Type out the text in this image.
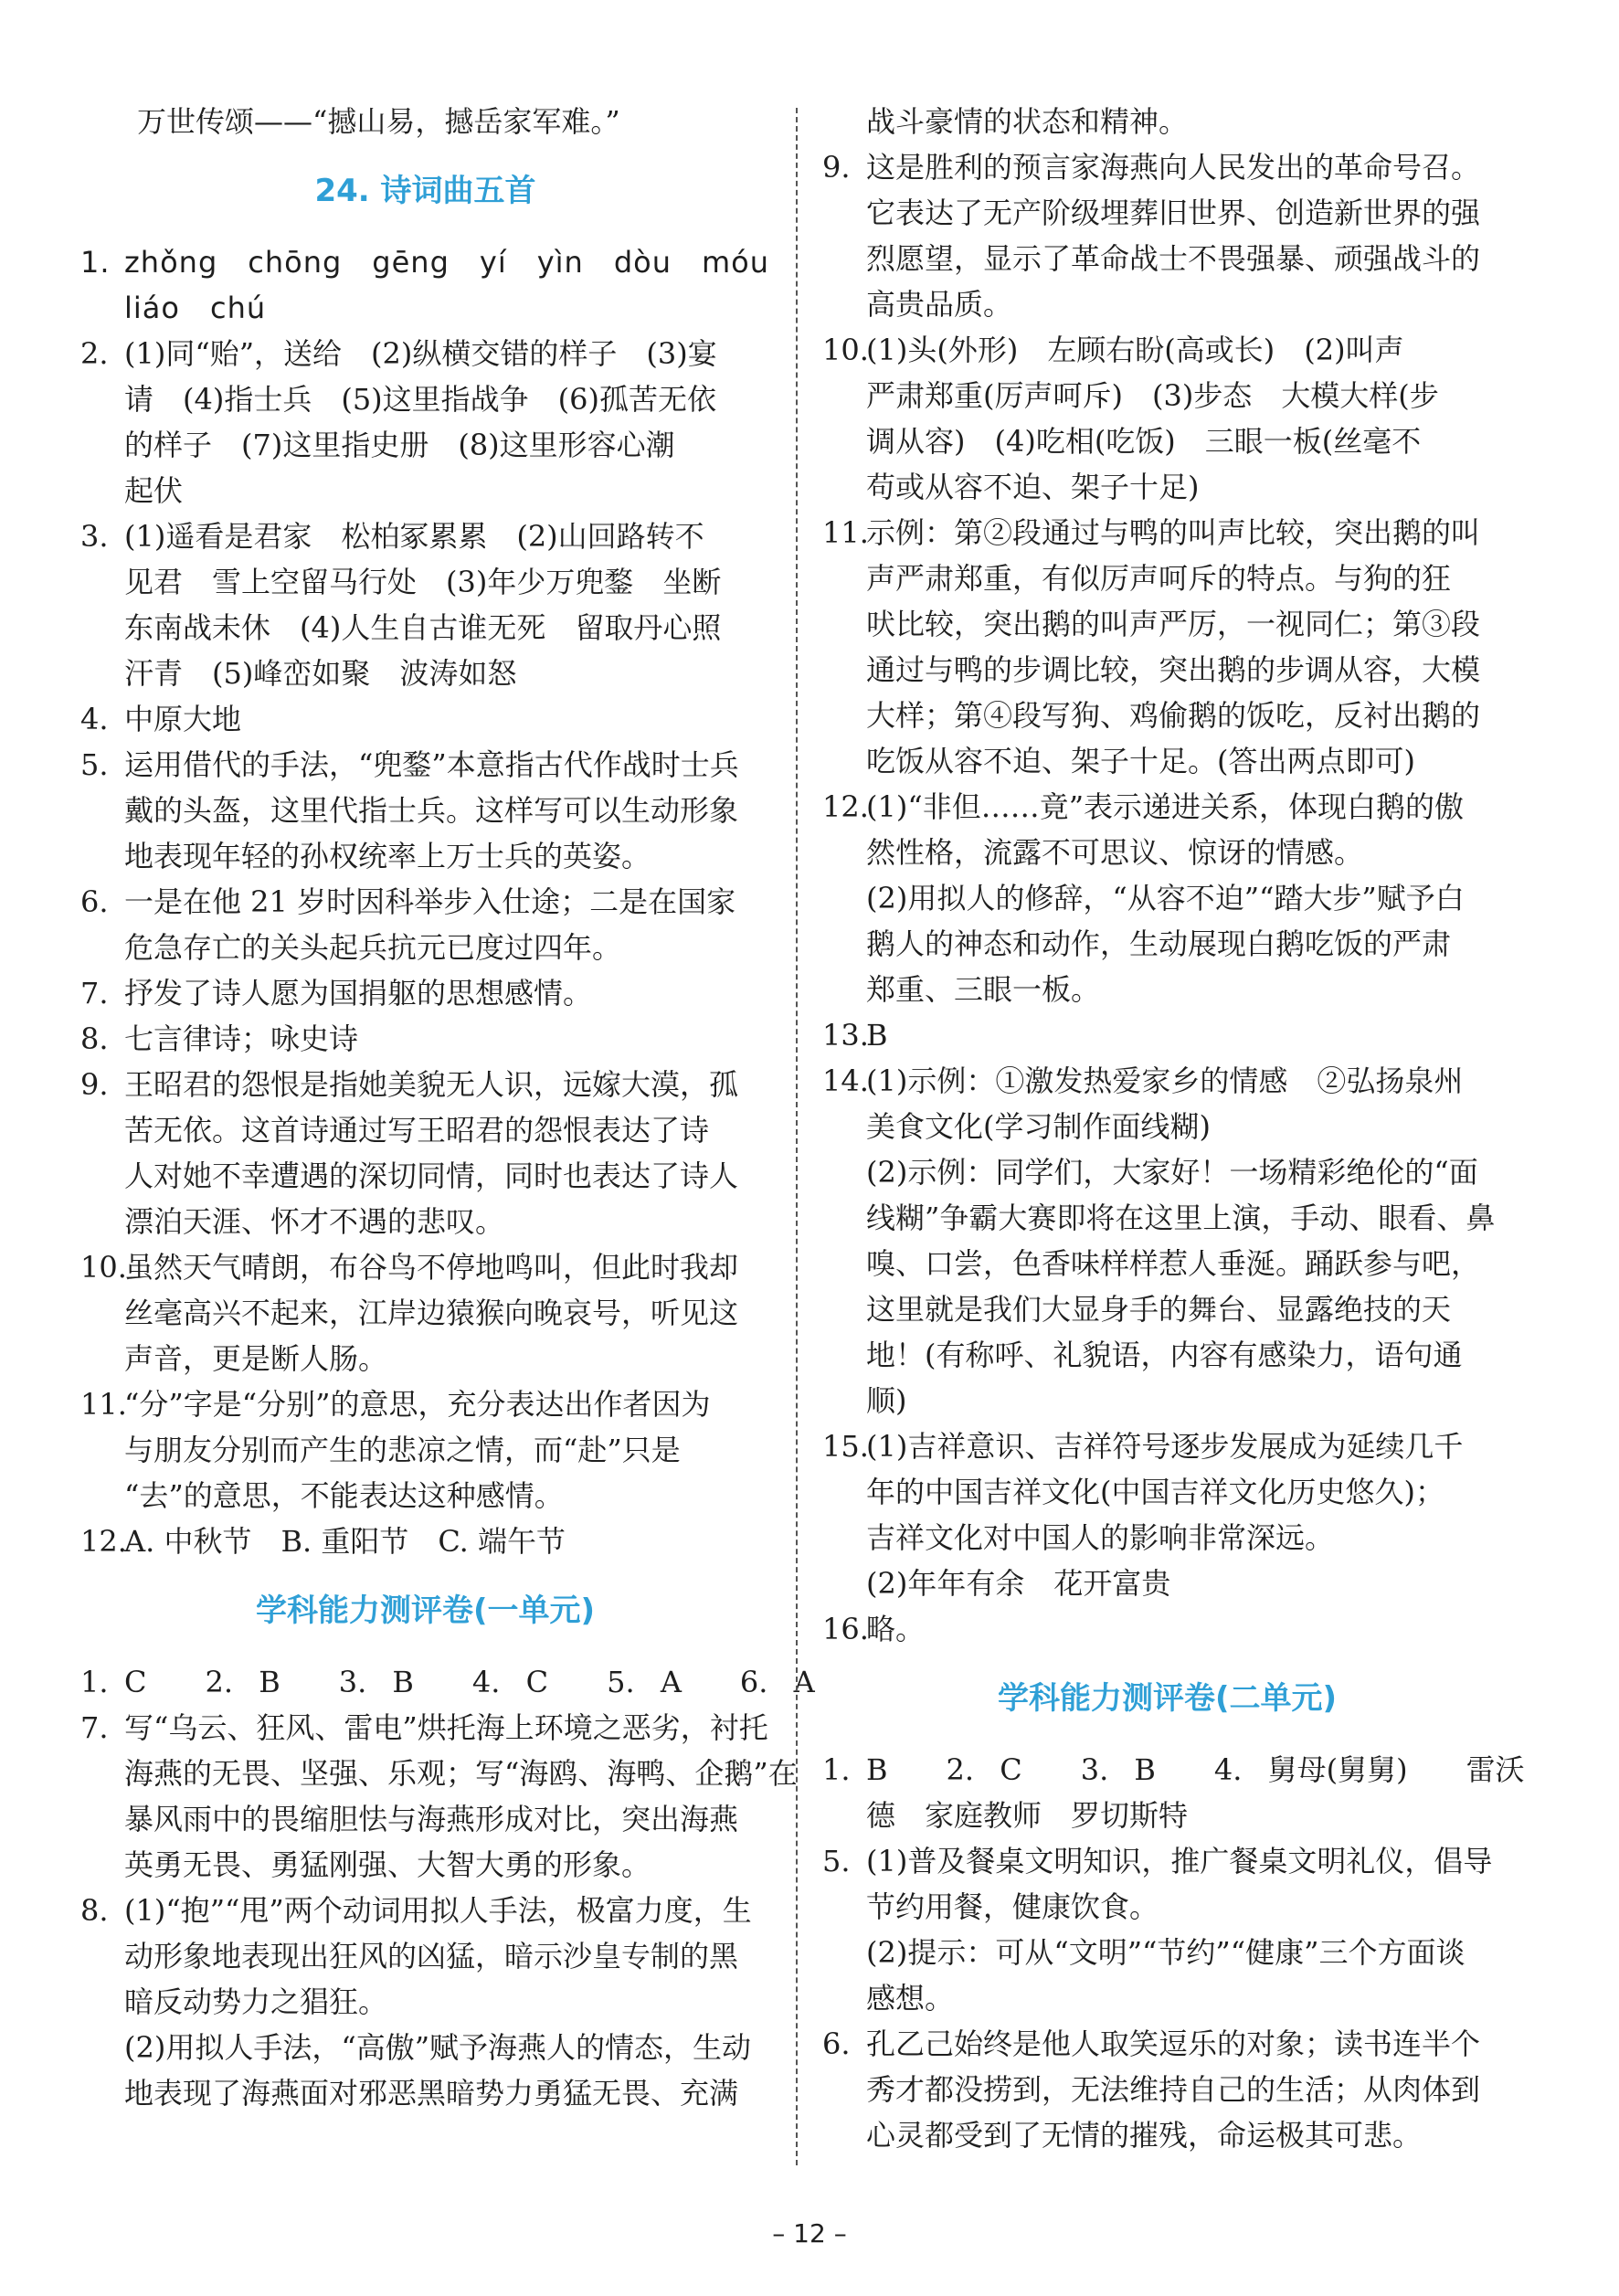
万世传颂——“撼山易，撼岳家军难。”
24. 诗词曲五首
1. zhǒng　chōng　gēng　yí　yìn　dòu　móu
liáo　chú
2. (1)同“贻”，送给　(2)纵横交错的样子　(3)宴
请　(4)指士兵　(5)这里指战争　(6)孤苦无依
的样子　(7)这里指史册　(8)这里形容心潮
起伏
3. (1)遥看是君家　松柏冢累累　(2)山回路转不
见君　雪上空留马行处　(3)年少万兜鍪　坐断
东南战未休　(4)人生自古谁无死　留取丹心照
汗青　(5)峰峦如聚　波涛如怒
4. 中原大地
5. 运用借代的手法，“兜鍪”本意指古代作战时士兵
戴的头盔，这里代指士兵。这样写可以生动形象
地表现年轻的孙权统率上万士兵的英姿。
6. 一是在他 21 岁时因科举步入仕途；二是在国家
危急存亡的关头起兵抗元已度过四年。
7. 抒发了诗人愿为国捐躯的思想感情。
8. 七言律诗；咏史诗
9. 王昭君的怨恨是指她美貌无人识，远嫁大漠，孤
苦无依。这首诗通过写王昭君的怨恨表达了诗
人对她不幸遭遇的深切同情，同时也表达了诗人
漂泊天涯、怀才不遇的悲叹。
10.虽然天气晴朗，布谷鸟不停地鸣叫，但此时我却
丝毫高兴不起来，江岸边猿猴向晚哀号，听见这
声音，更是断人肠。
11.“分”字是“分别”的意思，充分表达出作者因为
与朋友分别而产生的悲凉之情，而“赴”只是
“去”的意思，不能表达这种感情。
12.A. 中秋节　B. 重阳节　C. 端午节
学科能力测评卷(一单元)
1. C　　2. B　　3. B　　4. C　　5. A　　6. A
7. 写“乌云、狂风、雷电”烘托海上环境之恶劣，衬托
海燕的无畏、坚强、乐观；写“海鸥、海鸭、企鹅”在
暴风雨中的畏缩胆怯与海燕形成对比，突出海燕
英勇无畏、勇猛刚强、大智大勇的形象。
8. (1)“抱”“甩”两个动词用拟人手法，极富力度，生
动形象地表现出狂风的凶猛，暗示沙皇专制的黑
暗反动势力之猖狂。
(2)用拟人手法，“高傲”赋予海燕人的情态，生动
地表现了海燕面对邪恶黑暗势力勇猛无畏、充满
战斗豪情的状态和精神。
9. 这是胜利的预言家海燕向人民发出的革命号召。
它表达了无产阶级埋葬旧世界、创造新世界的强
烈愿望，显示了革命战士不畏强暴、顽强战斗的
高贵品质。
10.(1)头(外形)　左顾右盼(高或长)　(2)叫声
严肃郑重(厉声呵斥)　(3)步态　大模大样(步
调从容)　(4)吃相(吃饭)　三眼一板(丝毫不
苟或从容不迫、架子十足)
11.示例：第②段通过与鸭的叫声比较，突出鹅的叫
声严肃郑重，有似厉声呵斥的特点。与狗的狂
吠比较，突出鹅的叫声严厉，一视同仁；第③段
通过与鸭的步调比较，突出鹅的步调从容，大模
大样；第④段写狗、鸡偷鹅的饭吃，反衬出鹅的
吃饭从容不迫、架子十足。(答出两点即可)
12.(1)“非但……竟”表示递进关系，体现白鹅的傲
然性格，流露不可思议、惊讶的情感。
(2)用拟人的修辞，“从容不迫”“踏大步”赋予白
鹅人的神态和动作，生动展现白鹅吃饭的严肃
郑重、三眼一板。
13.B
14.(1)示例：①激发热爱家乡的情感　②弘扬泉州
美食文化(学习制作面线糊)
(2)示例：同学们，大家好！一场精彩绝伦的“面
线糊”争霸大赛即将在这里上演，手动、眼看、鼻
嗅、口尝，色香味样样惹人垂涎。踊跃参与吧，
这里就是我们大显身手的舞台、显露绝技的天
地！(有称呼、礼貌语，内容有感染力，语句通
顺)
15.(1)吉祥意识、吉祥符号逐步发展成为延续几千
年的中国吉祥文化(中国吉祥文化历史悠久)；
吉祥文化对中国人的影响非常深远。
(2)年年有余　花开富贵
16.略。
学科能力测评卷(二单元)
1. B　　2. C　　3. B　　4. 舅母(舅舅)　　雷沃
德　家庭教师　罗切斯特
5. (1)普及餐桌文明知识，推广餐桌文明礼仪，倡导
节约用餐，健康饮食。
(2)提示：可从“文明”“节约”“健康”三个方面谈
感想。
6. 孔乙己始终是他人取笑逗乐的对象；读书连半个
秀才都没捞到，无法维持自己的生活；从肉体到
心灵都受到了无情的摧残，命运极其可悲。
– 12 –
